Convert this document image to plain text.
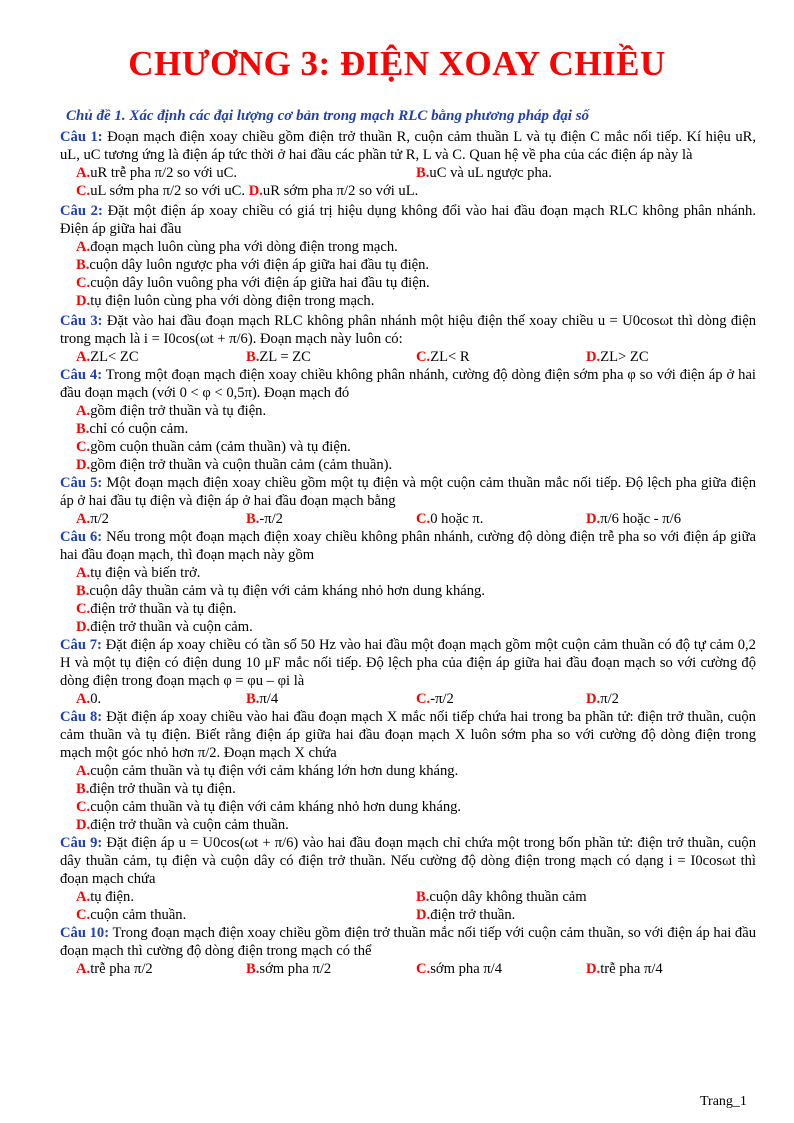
CHƯƠNG 3: ĐIỆN XOAY CHIỀU
Chủ đề 1. Xác định các đại lượng cơ bản trong mạch RLC bằng phương pháp đại số
Câu 1: Đoạn mạch điện xoay chiều gồm điện trở thuần R, cuộn cảm thuần L và tụ điện C mắc nối tiếp. Kí hiệu uR, uL, uC tương ứng là điện áp tức thời ở hai đầu các phần tử R, L và C. Quan hệ về pha của các điện áp này là
A.uR trễ pha π/2 so với uC.	B.uC và uL ngược pha.
C.uL sớm pha π/2 so với uC. D.uR sớm pha π/2 so với uL.
Câu 2: Đặt một điện áp xoay chiều có giá trị hiệu dụng không đổi vào hai đầu đoạn mạch RLC không phân nhánh. Điện áp giữa hai đầu
A.đoạn mạch luôn cùng pha với dòng điện trong mạch.
B.cuộn dây luôn ngược pha với điện áp giữa hai đầu tụ điện.
C.cuộn dây luôn vuông pha với điện áp giữa hai đầu tụ điện.
D.tụ điện luôn cùng pha với dòng điện trong mạch.
Câu 3: Đặt vào hai đầu đoạn mạch RLC không phân nhánh một hiệu điện thế xoay chiều u = U0cosωt thì dòng điện trong mạch là i = I0cos(ωt + π/6). Đoạn mạch này luôn có:
A.ZL< ZC	B.ZL = ZC	C.ZL< R	D.ZL> ZC
Câu 4: Trong một đoạn mạch điện xoay chiều không phân nhánh, cường độ dòng điện sớm pha φ so với điện áp ở hai đầu đoạn mạch (với 0 < φ < 0,5π). Đoạn mạch đó
A.gồm điện trở thuần và tụ điện.
B.chỉ có cuộn cảm.
C.gồm cuộn thuần cảm (cảm thuần) và tụ điện.
D.gồm điện trở thuần và cuộn thuần cảm (cảm thuần).
Câu 5: Một đoạn mạch điện xoay chiều gồm một tụ điện và một cuộn cảm thuần mắc nối tiếp. Độ lệch pha giữa điện áp ở hai đầu tụ điện và điện áp ở hai đầu đoạn mạch bằng
A.π/2	B.-π/2	C.0 hoặc π.	D.π/6 hoặc - π/6
Câu 6: Nếu trong một đoạn mạch điện xoay chiều không phân nhánh, cường độ dòng điện trễ pha so với điện áp giữa hai đầu đoạn mạch, thì đoạn mạch này gồm
A.tụ điện và biến trở.
B.cuộn dây thuần cảm và tụ điện với cảm kháng nhỏ hơn dung kháng.
C.điện trở thuần và tụ điện.
D.điện trở thuần và cuộn cảm.
Câu 7: Đặt điện áp xoay chiều có tần số 50 Hz vào hai đầu một đoạn mạch gồm một cuộn cảm thuần có độ tự cảm 0,2 H và một tụ điện có điện dung 10 μF mắc nối tiếp. Độ lệch pha của điện áp giữa hai đầu đoạn mạch so với cường độ dòng điện trong đoạn mạch φ = φu – φi là
A.0.	B.π/4	C.-π/2	D.π/2
Câu 8: Đặt điện áp xoay chiều vào hai đầu đoạn mạch X mắc nối tiếp chứa hai trong ba phần tử: điện trở thuần, cuộn cảm thuần và tụ điện. Biết rằng điện áp giữa hai đầu đoạn mạch X luôn sớm pha so với cường độ dòng điện trong mạch một góc nhỏ hơn π/2. Đoạn mạch X chứa
A.cuộn cảm thuần và tụ điện với cảm kháng lớn hơn dung kháng.
B.điện trở thuần và tụ điện.
C.cuộn cảm thuần và tụ điện với cảm kháng nhỏ hơn dung kháng.
D.điện trở thuần và cuộn cảm thuần.
Câu 9: Đặt điện áp u = U0cos(ωt + π/6) vào hai đầu đoạn mạch chỉ chứa một trong bốn phần tử: điện trở thuần, cuộn dây thuần cảm, tụ điện và cuộn dây có điện trở thuần. Nếu cường độ dòng điện trong mạch có dạng i = I0cosωt thì đoạn mạch chứa
A.tụ điện.	B.cuộn dây không thuần cảm
C.cuộn cảm thuần.	D.điện trở thuần.
Câu 10: Trong đoạn mạch điện xoay chiều gồm điện trở thuần mắc nối tiếp với cuộn cảm thuần, so với điện áp hai đầu đoạn mạch thì cường độ dòng điện trong mạch có thể
A.trễ pha π/2	B.sớm pha π/2	C.sớm pha π/4	D.trễ pha π/4
Trang_1
